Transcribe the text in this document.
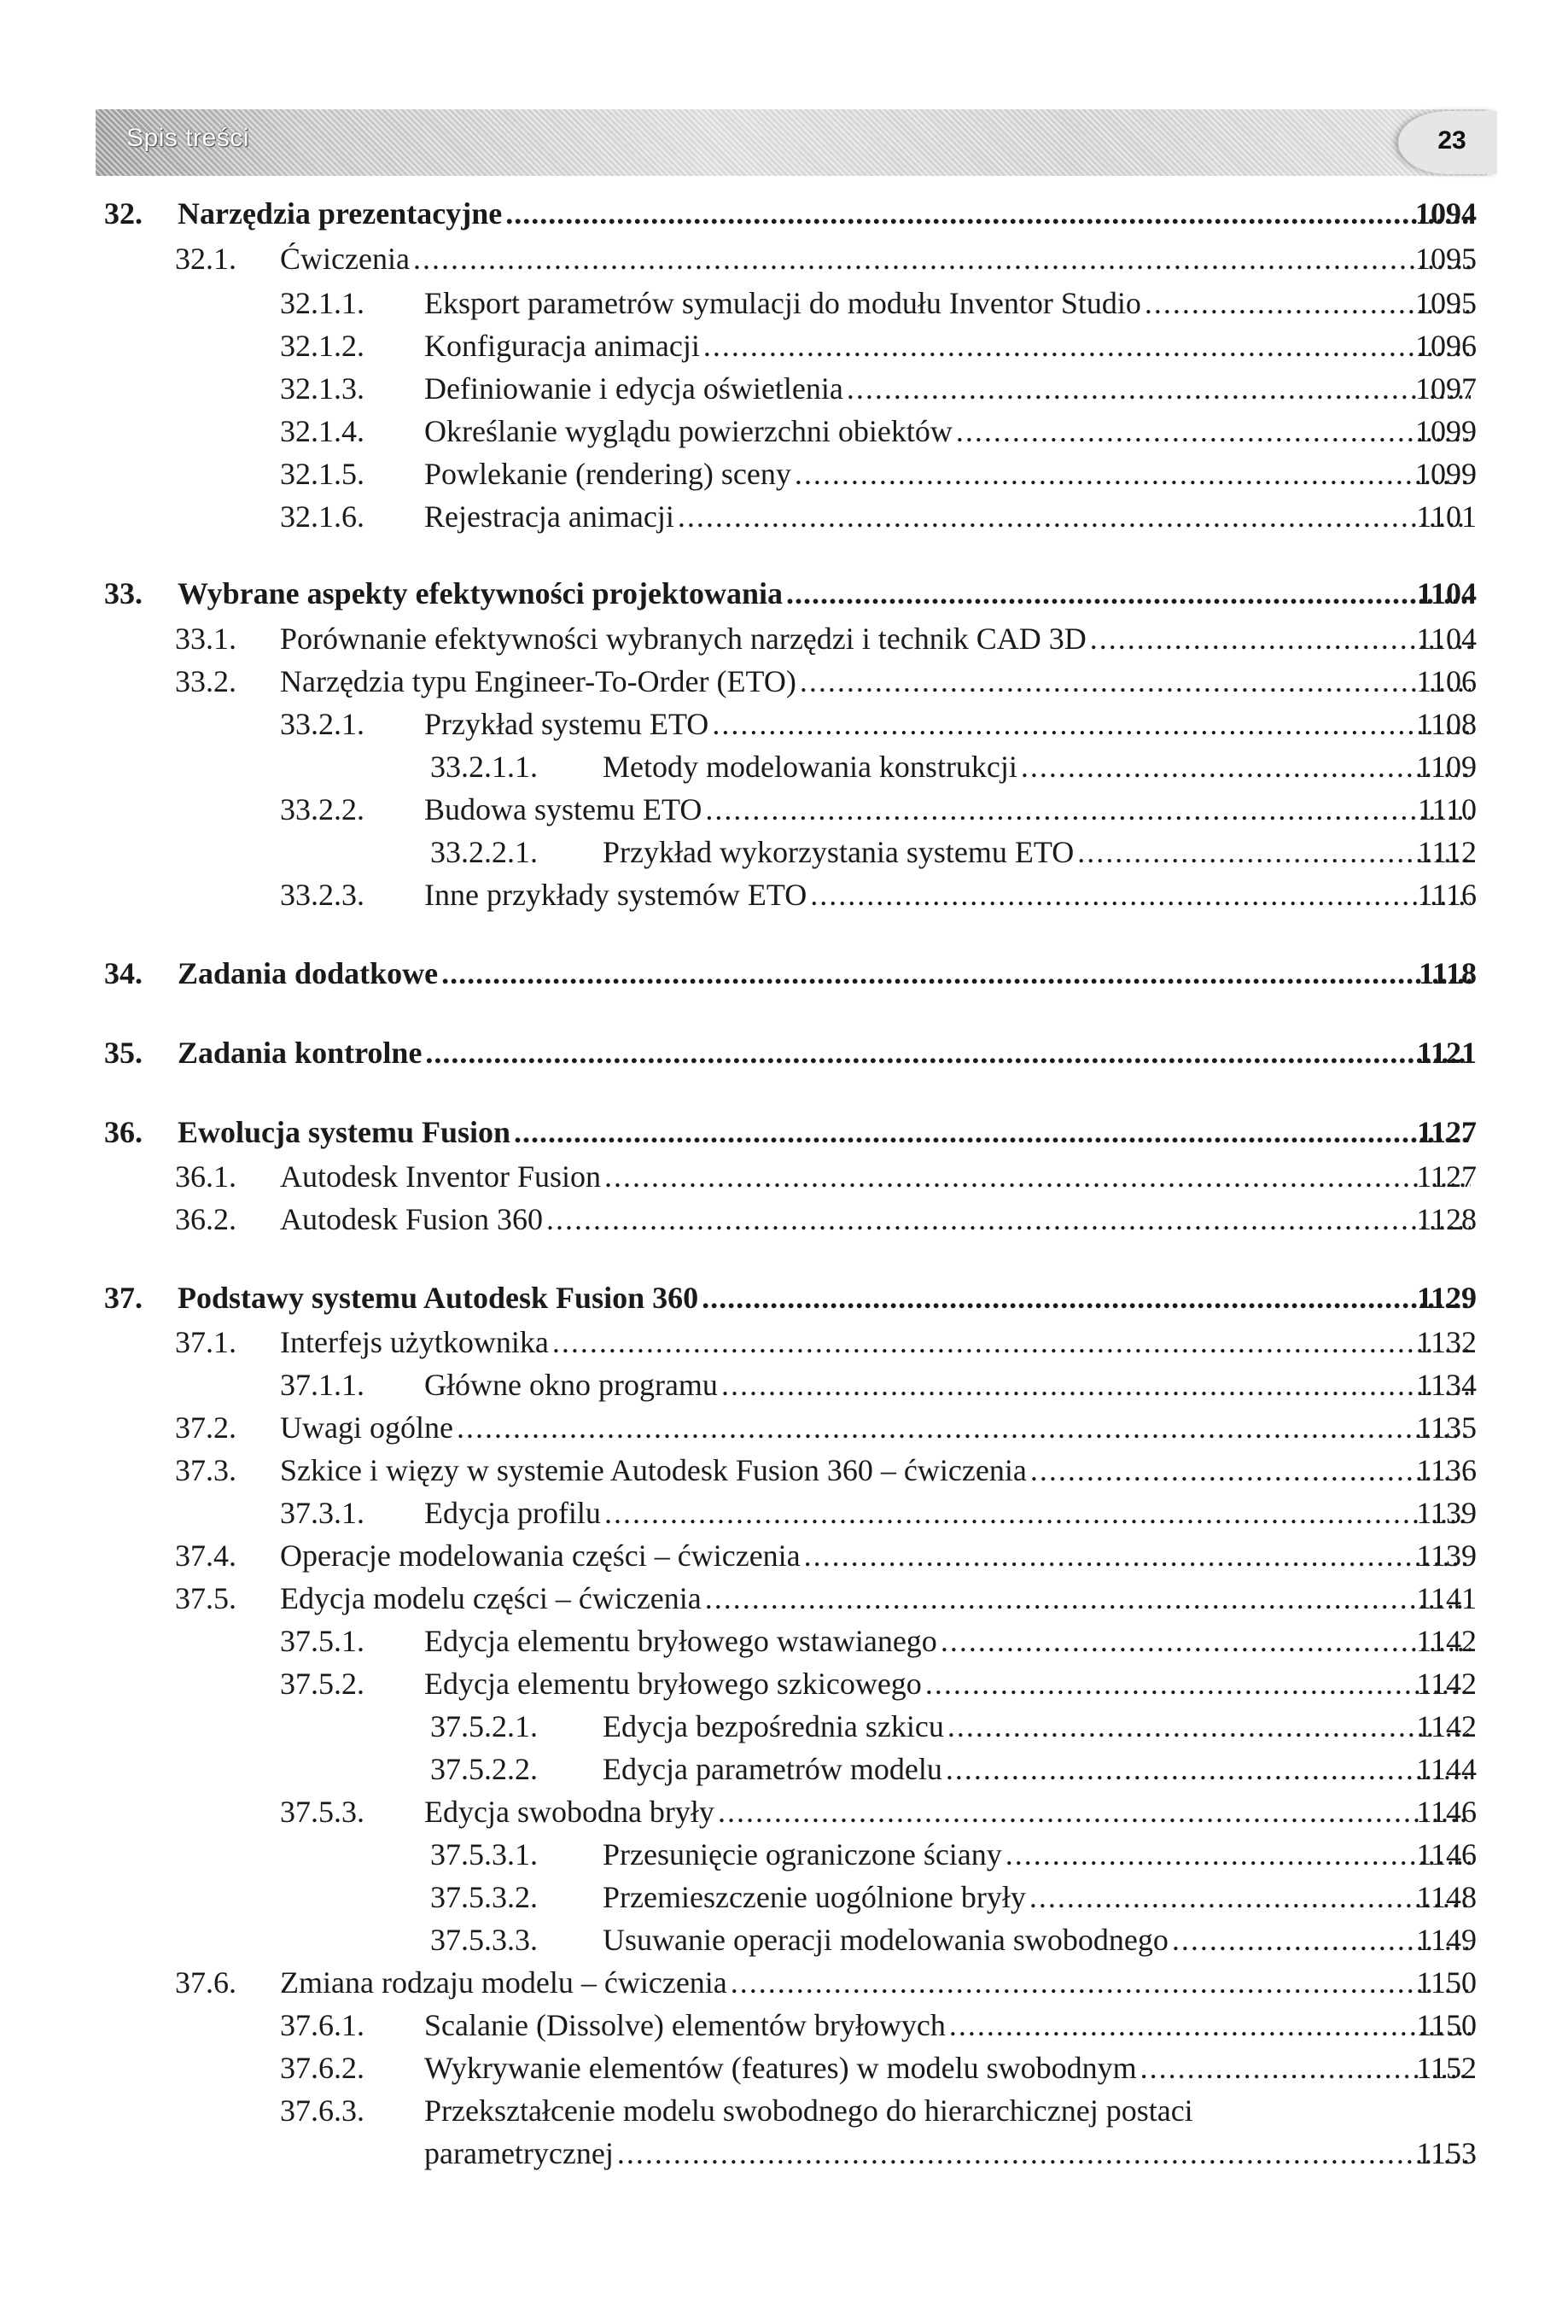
Spis treści	23
32. Narzędzia prezentacyjne .....	1094
32.1. Ćwiczenia .....	1095
32.1.1. Eksport parametrów symulacji do modułu Inventor Studio .....	1095
32.1.2. Konfiguracja animacji .....	1096
32.1.3. Definiowanie i edycja oświetlenia .....	1097
32.1.4. Określanie wyglądu powierzchni obiektów .....	1099
32.1.5. Powlekanie (rendering) sceny .....	1099
32.1.6. Rejestracja animacji .....	1101
33. Wybrane aspekty efektywności projektowania .....	1104
33.1. Porównanie efektywności wybranych narzędzi i technik CAD 3D .....	1104
33.2. Narzędzia typu Engineer-To-Order (ETO) .....	1106
33.2.1. Przykład systemu ETO .....	1108
33.2.1.1. Metody modelowania konstrukcji .....	1109
33.2.2. Budowa systemu ETO .....	1110
33.2.2.1. Przykład wykorzystania systemu ETO .....	1112
33.2.3. Inne przykłady systemów ETO .....	1116
34. Zadania dodatkowe .....	1118
35. Zadania kontrolne .....	1121
36. Ewolucja systemu Fusion .....	1127
36.1. Autodesk Inventor Fusion .....	1127
36.2. Autodesk Fusion 360 .....	1128
37. Podstawy systemu Autodesk Fusion 360 .....	1129
37.1. Interfejs użytkownika .....	1132
37.1.1. Główne okno programu .....	1134
37.2. Uwagi ogólne .....	1135
37.3. Szkice i więzy w systemie Autodesk Fusion 360 – ćwiczenia .....	1136
37.3.1. Edycja profilu .....	1139
37.4. Operacje modelowania części – ćwiczenia .....	1139
37.5. Edycja modelu części – ćwiczenia .....	1141
37.5.1. Edycja elementu bryłowego wstawianego .....	1142
37.5.2. Edycja elementu bryłowego szkicowego .....	1142
37.5.2.1. Edycja bezpośrednia szkicu .....	1142
37.5.2.2. Edycja parametrów modelu .....	1144
37.5.3. Edycja swobodna bryły .....	1146
37.5.3.1. Przesunięcie ograniczone ściany .....	1146
37.5.3.2. Przemieszczenie uogólnione bryły .....	1148
37.5.3.3. Usuwanie operacji modelowania swobodnego .....	1149
37.6. Zmiana rodzaju modelu – ćwiczenia .....	1150
37.6.1. Scalanie (Dissolve) elementów bryłowych .....	1150
37.6.2. Wykrywanie elementów (features) w modelu swobodnym .....	1152
37.6.3. Przekształcenie modelu swobodnego do hierarchicznej postaci
parametrycznej .....	1153
